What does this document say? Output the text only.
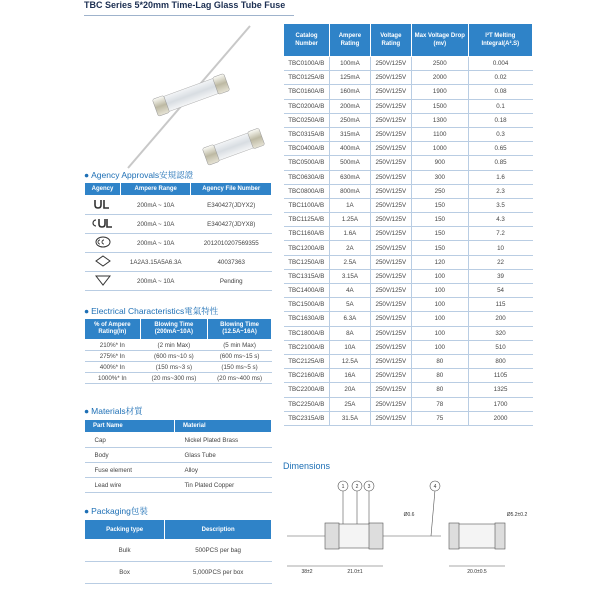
TBC Series 5*20mm Time-Lag Glass Tube Fuse
● Agency Approvals安規認證
Agency	Ampere Range	Agency File Number
	200mA ~ 10A	E340427(JDYX2)
	200mA ~ 10A	E340427(JDYX8)
	200mA ~ 10A	2012010207569355
	1A2A3.15A5A6.3A	40037363
	200mA ~ 10A	Pending
● Electrical Characteristics電氣特性
% of Ampere Rating(In)	Blowing Time (200mA~10A)	Blowing Time (12.5A~16A)
210%* In	(2 min Max)	(5 min Max)
275%* In	(600 ms~10 s)	(600 ms~15 s)
400%* In	(150 ms~3 s)	(150 ms~5 s)
1000%* In	(20 ms~300 ms)	(20 ms~400 ms)
● Materials材質
Part Name	Material
Cap	Nickel Plated Brass
Body	Glass Tube
Fuse element	Alloy
Lead wire	Tin Plated Copper
● Packaging包裝
Packing type	Description
Bulk	500PCS per bag
Box	5,000PCS per box
Catalog Number	Ampere Rating	Voltage Rating	Max Voltage Drop (mv)	I²T Melting Integral(A².S)
TBC0100A/B	100mA	250V/125V	2500	0.004
TBC0125A/B	125mA	250V/125V	2000	0.02
TBC0160A/B	160mA	250V/125V	1900	0.08
TBC0200A/B	200mA	250V/125V	1500	0.1
TBC0250A/B	250mA	250V/125V	1300	0.18
TBC0315A/B	315mA	250V/125V	1100	0.3
TBC0400A/B	400mA	250V/125V	1000	0.65
TBC0500A/B	500mA	250V/125V	900	0.85
TBC0630A/B	630mA	250V/125V	300	1.6
TBC0800A/B	800mA	250V/125V	250	2.3
TBC1100A/B	1A	250V/125V	150	3.5
TBC1125A/B	1.25A	250V/125V	150	4.3
TBC1160A/B	1.6A	250V/125V	150	7.2
TBC1200A/B	2A	250V/125V	150	10
TBC1250A/B	2.5A	250V/125V	120	22
TBC1315A/B	3.15A	250V/125V	100	39
TBC1400A/B	4A	250V/125V	100	54
TBC1500A/B	5A	250V/125V	100	115
TBC1630A/B	6.3A	250V/125V	100	200
TBC1800A/B	8A	250V/125V	100	320
TBC2100A/B	10A	250V/125V	100	510
TBC2125A/B	12.5A	250V/125V	80	800
TBC2160A/B	16A	250V/125V	80	1105
TBC2200A/B	20A	250V/125V	80	1325
TBC2250A/B	25A	250V/125V	78	1700
TBC2315A/B	31.5A	250V/125V	75	2000
Dimensions
1 2 3	4
38±2	21.0±1	20.0±0.5
Ø0.6	Ø5.2±0.2
